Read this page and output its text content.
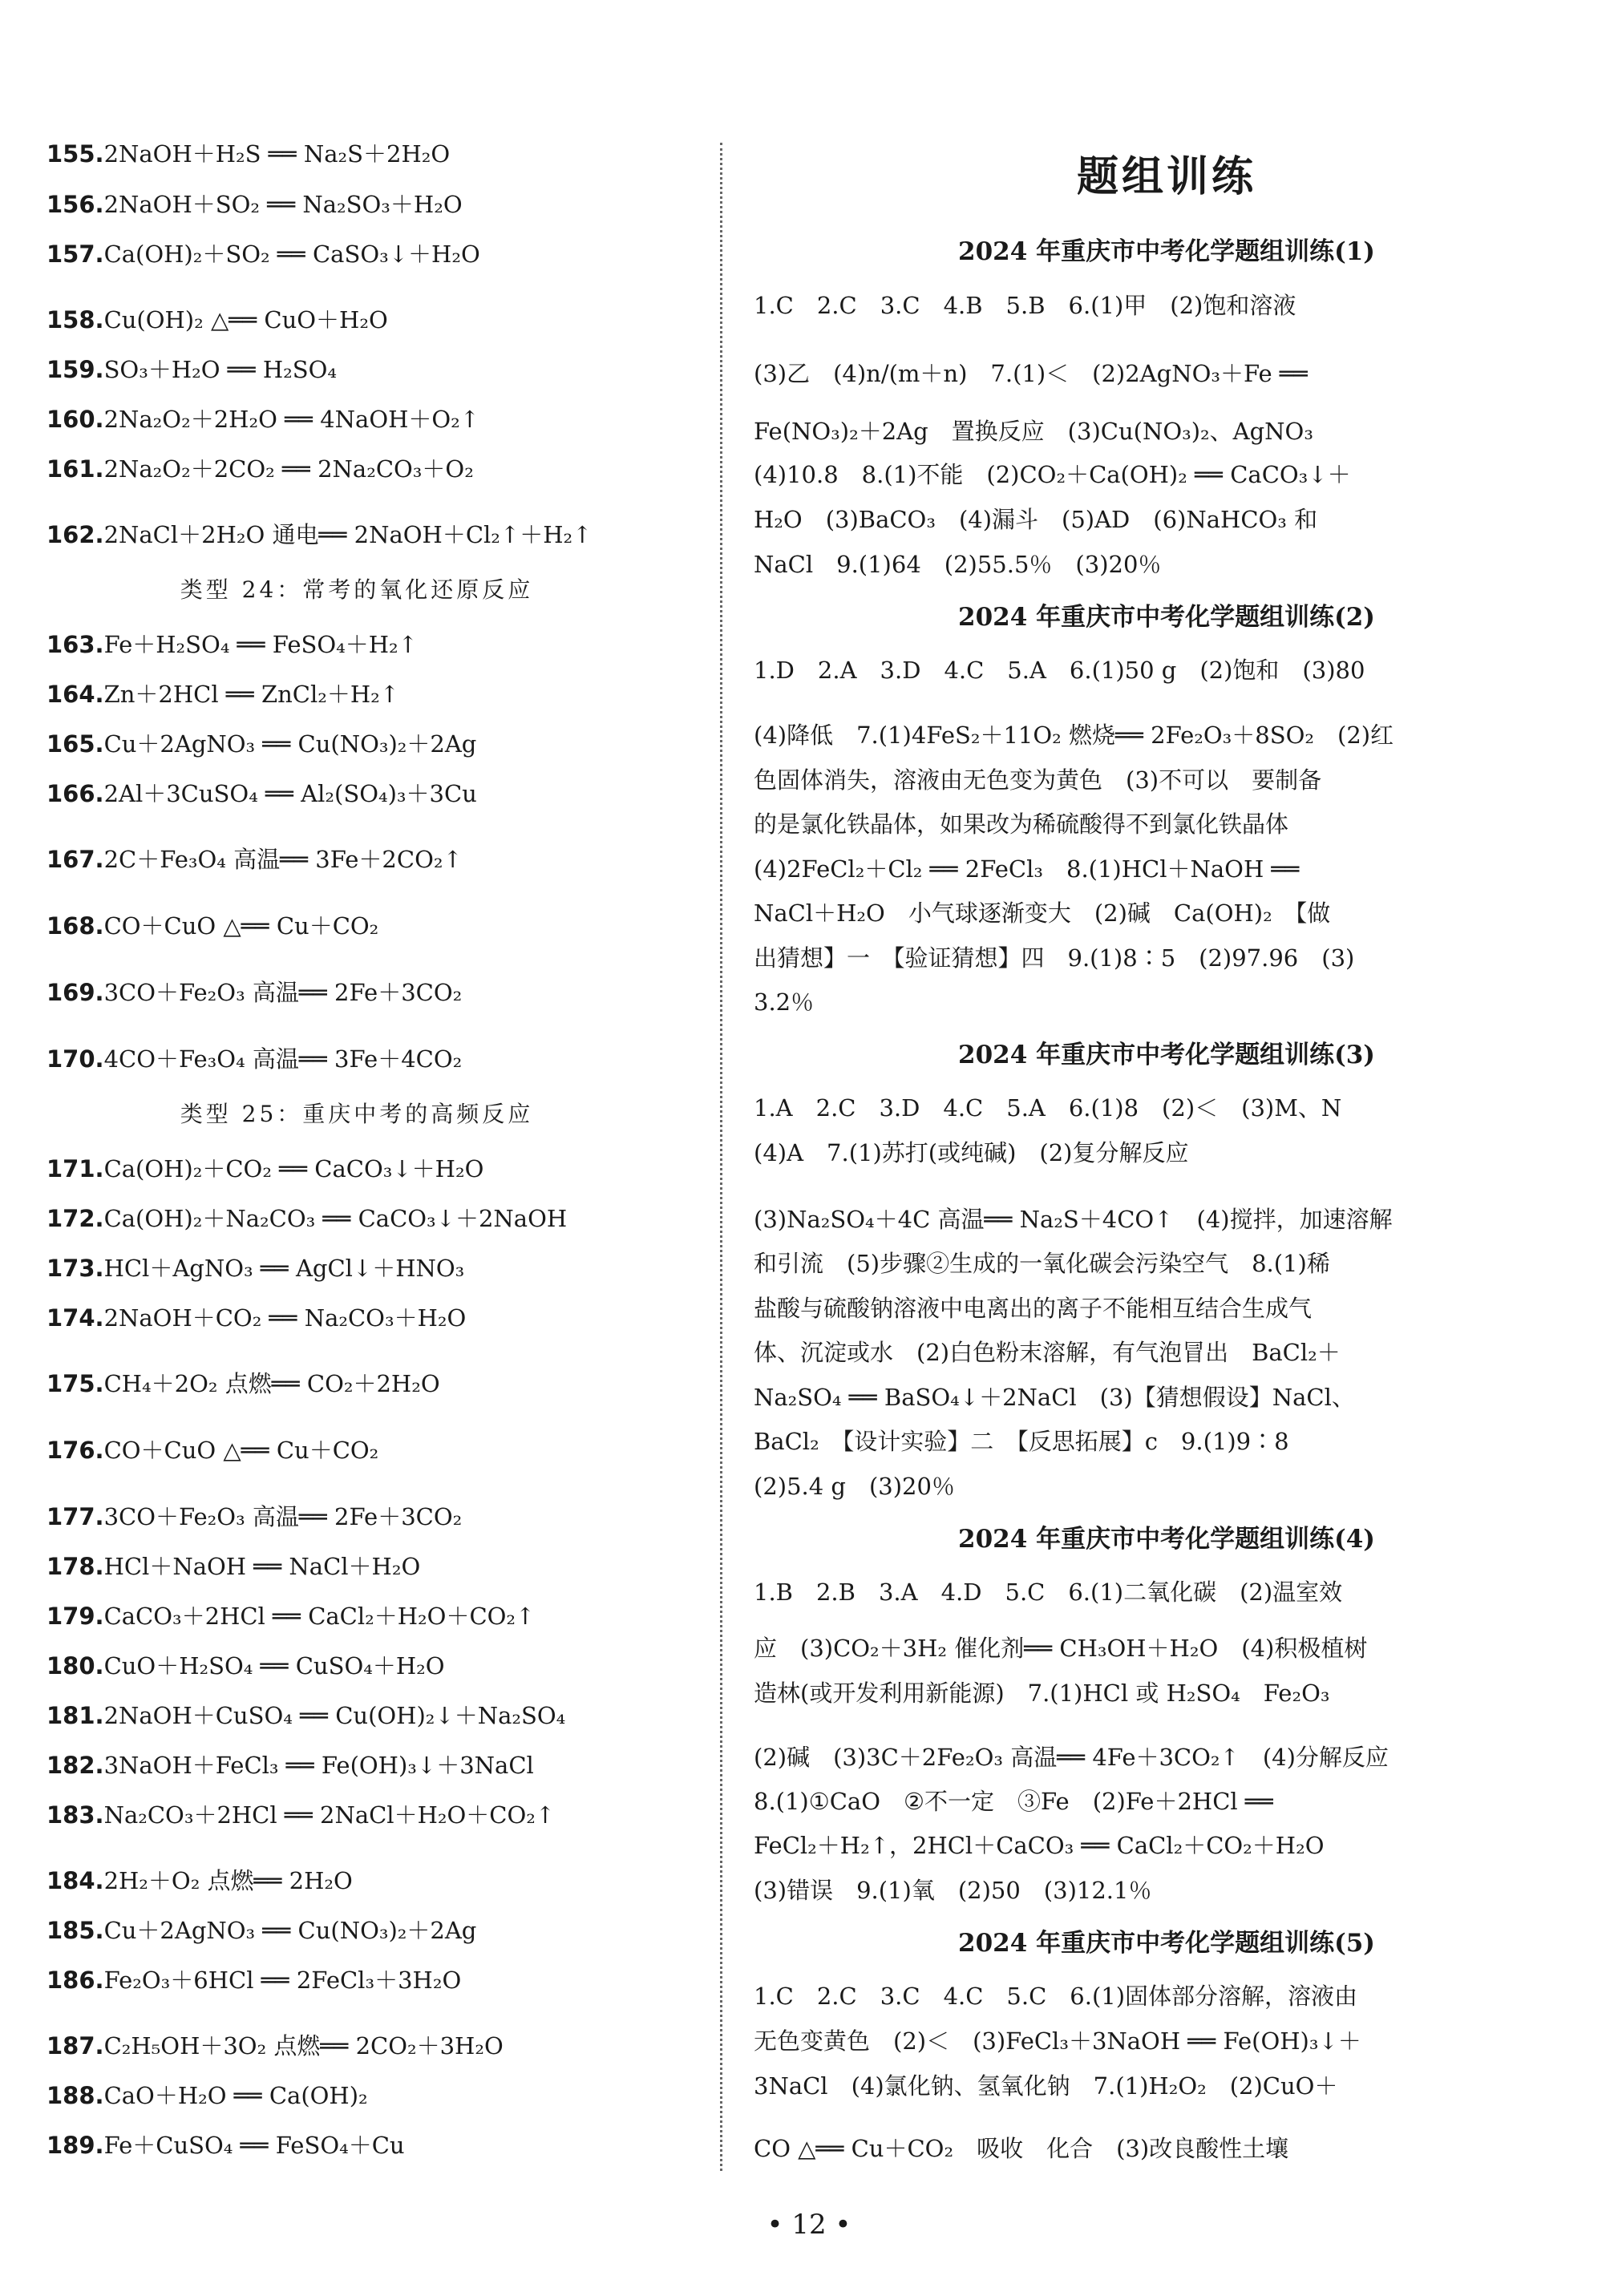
155.2NaOH＋H₂S ══ Na₂S＋2H₂O
156.2NaOH＋SO₂ ══ Na₂SO₃＋H₂O
157.Ca(OH)₂＋SO₂ ══ CaSO₃↓＋H₂O
158.Cu(OH)₂ △══ CuO＋H₂O
159.SO₃＋H₂O ══ H₂SO₄
160.2Na₂O₂＋2H₂O ══ 4NaOH＋O₂↑
161.2Na₂O₂＋2CO₂ ══ 2Na₂CO₃＋O₂
162.2NaCl＋2H₂O 通电══ 2NaOH＋Cl₂↑＋H₂↑
类型 24：常考的氧化还原反应
163.Fe＋H₂SO₄ ══ FeSO₄＋H₂↑
164.Zn＋2HCl ══ ZnCl₂＋H₂↑
165.Cu＋2AgNO₃ ══ Cu(NO₃)₂＋2Ag
166.2Al＋3CuSO₄ ══ Al₂(SO₄)₃＋3Cu
167.2C＋Fe₃O₄ 高温══ 3Fe＋2CO₂↑
168.CO＋CuO △══ Cu＋CO₂
169.3CO＋Fe₂O₃ 高温══ 2Fe＋3CO₂
170.4CO＋Fe₃O₄ 高温══ 3Fe＋4CO₂
类型 25：重庆中考的高频反应
171.Ca(OH)₂＋CO₂ ══ CaCO₃↓＋H₂O
172.Ca(OH)₂＋Na₂CO₃ ══ CaCO₃↓＋2NaOH
173.HCl＋AgNO₃ ══ AgCl↓＋HNO₃
174.2NaOH＋CO₂ ══ Na₂CO₃＋H₂O
175.CH₄＋2O₂ 点燃══ CO₂＋2H₂O
176.CO＋CuO △══ Cu＋CO₂
177.3CO＋Fe₂O₃ 高温══ 2Fe＋3CO₂
178.HCl＋NaOH ══ NaCl＋H₂O
179.CaCO₃＋2HCl ══ CaCl₂＋H₂O＋CO₂↑
180.CuO＋H₂SO₄ ══ CuSO₄＋H₂O
181.2NaOH＋CuSO₄ ══ Cu(OH)₂↓＋Na₂SO₄
182.3NaOH＋FeCl₃ ══ Fe(OH)₃↓＋3NaCl
183.Na₂CO₃＋2HCl ══ 2NaCl＋H₂O＋CO₂↑
184.2H₂＋O₂ 点燃══ 2H₂O
185.Cu＋2AgNO₃ ══ Cu(NO₃)₂＋2Ag
186.Fe₂O₃＋6HCl ══ 2FeCl₃＋3H₂O
187.C₂H₅OH＋3O₂ 点燃══ 2CO₂＋3H₂O
188.CaO＋H₂O ══ Ca(OH)₂
189.Fe＋CuSO₄ ══ FeSO₄＋Cu
题组训练
2024 年重庆市中考化学题组训练(1)
1.C　2.C　3.C　4.B　5.B　6.(1)甲　(2)饱和溶液
(3)乙　(4)n/(m＋n)　7.(1)＜　(2)2AgNO₃＋Fe ══
Fe(NO₃)₂＋2Ag　置换反应　(3)Cu(NO₃)₂、AgNO₃
(4)10.8　8.(1)不能　(2)CO₂＋Ca(OH)₂ ══ CaCO₃↓＋
H₂O　(3)BaCO₃　(4)漏斗　(5)AD　(6)NaHCO₃ 和
NaCl　9.(1)64　(2)55.5％　(3)20％
2024 年重庆市中考化学题组训练(2)
1.D　2.A　3.D　4.C　5.A　6.(1)50 g　(2)饱和　(3)80
(4)降低　7.(1)4FeS₂＋11O₂ 燃烧══ 2Fe₂O₃＋8SO₂　(2)红
色固体消失，溶液由无色变为黄色　(3)不可以　要制备
的是氯化铁晶体，如果改为稀硫酸得不到氯化铁晶体
(4)2FeCl₂＋Cl₂ ══ 2FeCl₃　8.(1)HCl＋NaOH ══
NaCl＋H₂O　小气球逐渐变大　(2)碱　Ca(OH)₂　【做
出猜想】一　【验证猜想】四　9.(1)8∶5　(2)97.96　(3)
3.2％
2024 年重庆市中考化学题组训练(3)
1.A　2.C　3.D　4.C　5.A　6.(1)8　(2)＜　(3)M、N
(4)A　7.(1)苏打(或纯碱)　(2)复分解反应
(3)Na₂SO₄＋4C 高温══ Na₂S＋4CO↑　(4)搅拌，加速溶解
和引流　(5)步骤②生成的一氧化碳会污染空气　8.(1)稀
盐酸与硫酸钠溶液中电离出的离子不能相互结合生成气
体、沉淀或水　(2)白色粉末溶解，有气泡冒出　BaCl₂＋
Na₂SO₄ ══ BaSO₄↓＋2NaCl　(3)【猜想假设】NaCl、
BaCl₂　【设计实验】二　【反思拓展】c　9.(1)9∶8
(2)5.4 g　(3)20％
2024 年重庆市中考化学题组训练(4)
1.B　2.B　3.A　4.D　5.C　6.(1)二氧化碳　(2)温室效
应　(3)CO₂＋3H₂ 催化剂══ CH₃OH＋H₂O　(4)积极植树
造林(或开发利用新能源)　7.(1)HCl 或 H₂SO₄　Fe₂O₃
(2)碱　(3)3C＋2Fe₂O₃ 高温══ 4Fe＋3CO₂↑　(4)分解反应
8.(1)①CaO　②不一定　③Fe　(2)Fe＋2HCl ══
FeCl₂＋H₂↑，2HCl＋CaCO₃ ══ CaCl₂＋CO₂＋H₂O
(3)错误　9.(1)氧　(2)50　(3)12.1％
2024 年重庆市中考化学题组训练(5)
1.C　2.C　3.C　4.C　5.C　6.(1)固体部分溶解，溶液由
无色变黄色　(2)＜　(3)FeCl₃＋3NaOH ══ Fe(OH)₃↓＋
3NaCl　(4)氯化钠、氢氧化钠　7.(1)H₂O₂　(2)CuO＋
CO △══ Cu＋CO₂　吸收　化合　(3)改良酸性土壤
• 12 •
